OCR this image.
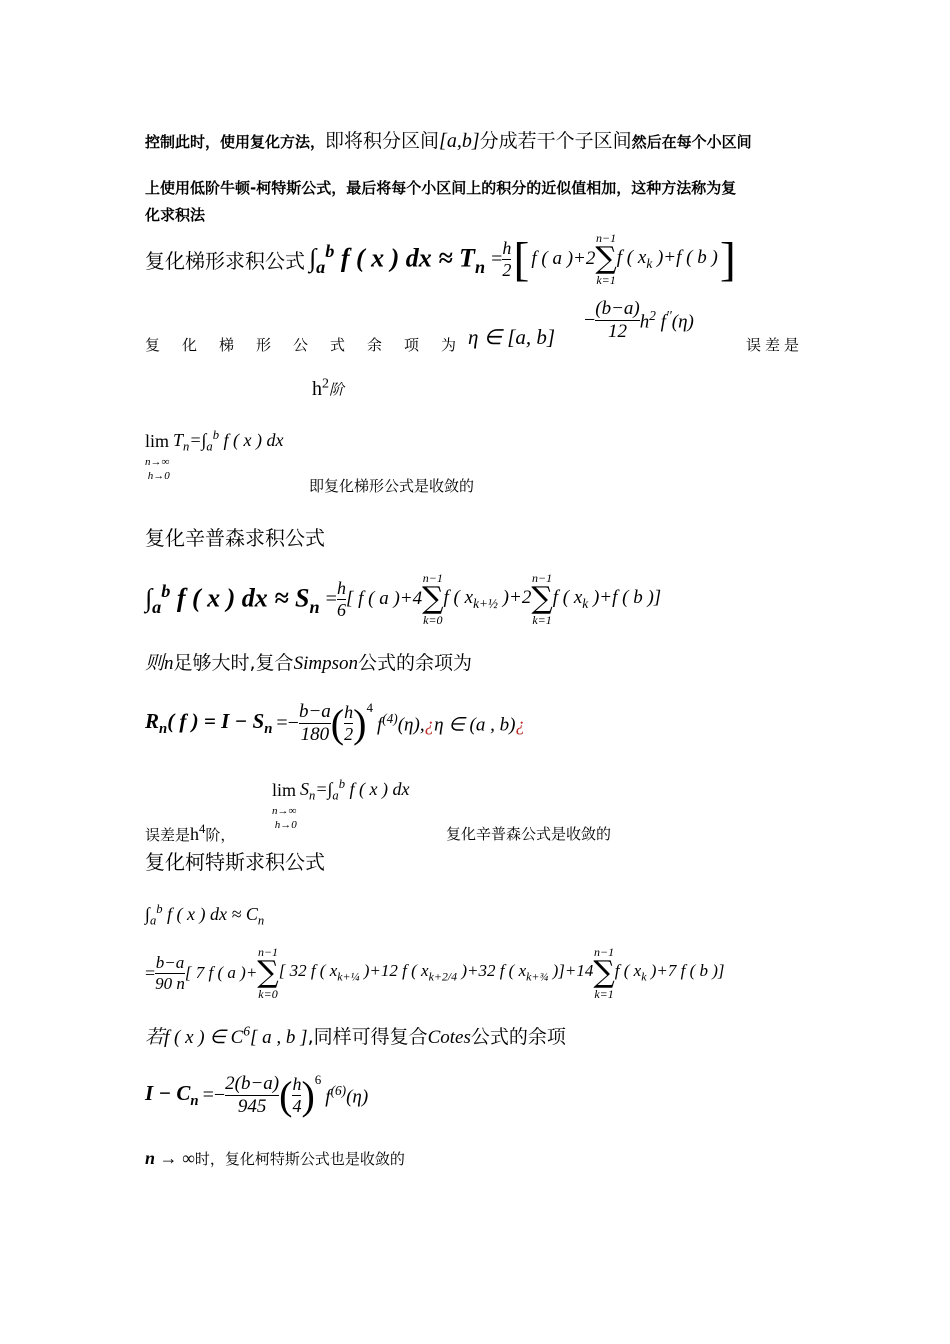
控制此时，使用复化方法，即将积分区间[a,b]分成若干个子区间然后在每个小区间
上使用低阶牛顿-柯特斯公式，最后将每个小区间上的积分的近似值相加，这种方法称为复
化求积法
复化梯形求积公式 $\int_a^b$ f ( x ) dx ≈ $T_n = \frac{h}{2}$ [ f ( a )+2
n−1
∑
k=1
f ( $x_k$ )+f ( b ) ]
复化梯形公式余项为
η ∈ [a, b]
− $\frac{(b-a)}{12} h^2$ f′′(η)
误差是
$h^2$阶
$\lim T_n=\int_a^b$ f ( x ) dx
n→∞
h→0
即复化梯形公式是收敛的
复化辛普森求积公式
$\int_a^b$ f ( x ) dx ≈ $S_n = \frac{h}{6}$ [ f ( a )+4
n−1
∑
k=0
f ( $x_{k+\frac{1}{2}}$ )+2
n−1
∑
k=1
f ( $x_k$ )+f ( b )]
则n足够大时,复合Simpson公式的余项为
$R_n$( f ) = $I - S_n =- \frac{b-a}{180}$ ( $\frac{h}{2} )^4$
$f^{(4)}(\eta),¿\eta$ ∈ (a , b)¿
$\lim S_n=\int_a^b$ f ( x ) dx
n→∞
h→0
误差是$h^4$阶，	复化辛普森公式是收敛的
复化柯特斯求积公式
$\int_a^b$ f ( x ) dx ≈ $C_n$
= $\frac{b-a}{90 n}$ [ 7 f ( a )+
n−1
∑
k=0
[ 32 f ( $x_{k+\frac{1}{4}}$ )+12 f ( $x_{k+2/4}$ )+32 f ( $x_{k+\frac{3}{4}}$ )]+14
n−1
∑
k=1
f ( $x_k$ )+7 f ( b )]
若f ( x ) ∈ $C^6$[ a , b ],同样可得复合Cotes公式的余项
$I - C_n =- \frac{2(b-a)}{945}$ ( $\frac{h}{4} )^6$
$f^{(6)}(\eta)$
n → ∞时，复化柯特斯公式也是收敛的
